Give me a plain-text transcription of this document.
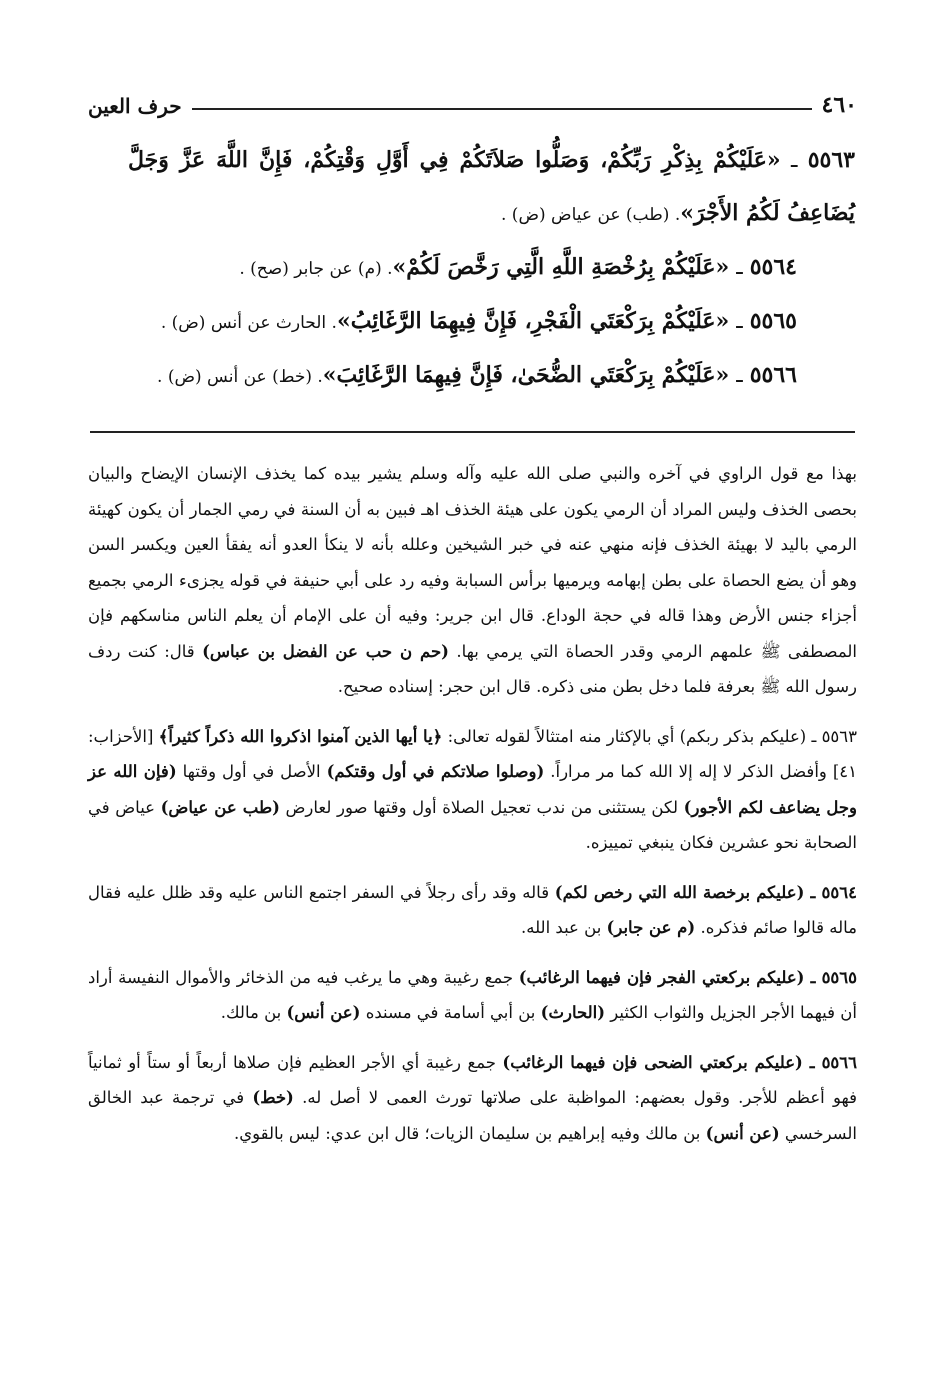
٤٦٠
حرف العين

٥٥٦٣ ـ «عَلَيْكُمْ بِذِكْرِ رَبِّكُمْ، وَصَلُّوا صَلاَتَكُمْ فِي أَوَّلِ وَقْتِكُمْ، فَإِنَّ اللَّهَ عَزَّ وَجَلَّ يُضَاعِفُ لَكُمُ الأَجْرَ». (طب) عن عياض (ض) .

٥٥٦٤ ـ «عَلَيْكُمْ بِرُخْصَةِ اللَّهِ الَّتِي رَخَّصَ لَكُمْ». (م) عن جابر (صح) .

٥٥٦٥ ـ «عَلَيْكُمْ بِرَكْعَتَي الْفَجْرِ، فَإِنَّ فِيهِمَا الرَّغَائِبُ». الحارث عن أنس (ض) .

٥٥٦٦ ـ «عَلَيْكُمْ بِرَكْعَتَي الضُّحَىٰ، فَإِنَّ فِيهِمَا الرَّغَائِبَ». (خط) عن أنس (ض) .

بهذا مع قول الراوي في آخره والنبي صلى الله عليه وآله وسلم يشير بيده كما يخذف الإنسان الإيضاح والبيان بحصى الخذف وليس المراد أن الرمي يكون على هيئة الخذف اهـ فبين به أن السنة في رمي الجمار أن يكون كهيئة الرمي باليد لا بهيئة الخذف فإنه منهي عنه في خبر الشيخين وعلله بأنه لا ينكأ العدو أنه يفقأ العين ويكسر السن وهو أن يضع الحصاة على بطن إبهامه ويرميها برأس السبابة وفيه رد على أبي حنيفة في قوله يجزىء الرمي بجميع أجزاء جنس الأرض وهذا قاله في حجة الوداع. قال ابن جرير: وفيه أن على الإمام أن يعلم الناس مناسكهم فإن المصطفى ﷺ علمهم الرمي وقدر الحصاة التي يرمي بها. (حم ن حب عن الفضل بن عباس) قال: كنت ردف رسول الله ﷺ بعرفة فلما دخل بطن منى ذكره. قال ابن حجر: إسناده صحيح.

٥٥٦٣ ـ (عليكم بذكر ربكم) أي بالإكثار منه امتثالاً لقوله تعالى: ﴿يا أيها الذين آمنوا اذكروا الله ذكراً كثيراً﴾ [الأحزاب: ٤١] وأفضل الذكر لا إله إلا الله كما مر مراراً. (وصلوا صلاتكم في أول وقتكم) الأصل في أول وقتها (فإن الله عز وجل يضاعف لكم الأجور) لكن يستثنى من ندب تعجيل الصلاة أول وقتها صور لعارض (طب عن عياض) عياض في الصحابة نحو عشرين فكان ينبغي تمييزه.

٥٥٦٤ ـ (عليكم برخصة الله التي رخص لكم) قاله وقد رأى رجلاً في السفر اجتمع الناس عليه وقد ظلل عليه فقال ماله قالوا صائم فذكره. (م عن جابر) بن عبد الله.

٥٥٦٥ ـ (عليكم بركعتي الفجر فإن فيهما الرغائب) جمع رغيبة وهي ما يرغب فيه من الذخائر والأموال النفيسة أراد أن فيهما الأجر الجزيل والثواب الكثير (الحارث) بن أبي أسامة في مسنده (عن أنس) بن مالك.

٥٥٦٦ ـ (عليكم بركعتي الضحى فإن فيهما الرغائب) جمع رغيبة أي الأجر العظيم فإن صلاها أربعاً أو ستاً أو ثمانياً فهو أعظم للأجر. وقول بعضهم: المواظبة على صلاتها تورث العمى لا أصل له. (خط) في ترجمة عبد الخالق السرخسي (عن أنس) بن مالك وفيه إبراهيم بن سليمان الزيات؛ قال ابن عدي: ليس بالقوي.
